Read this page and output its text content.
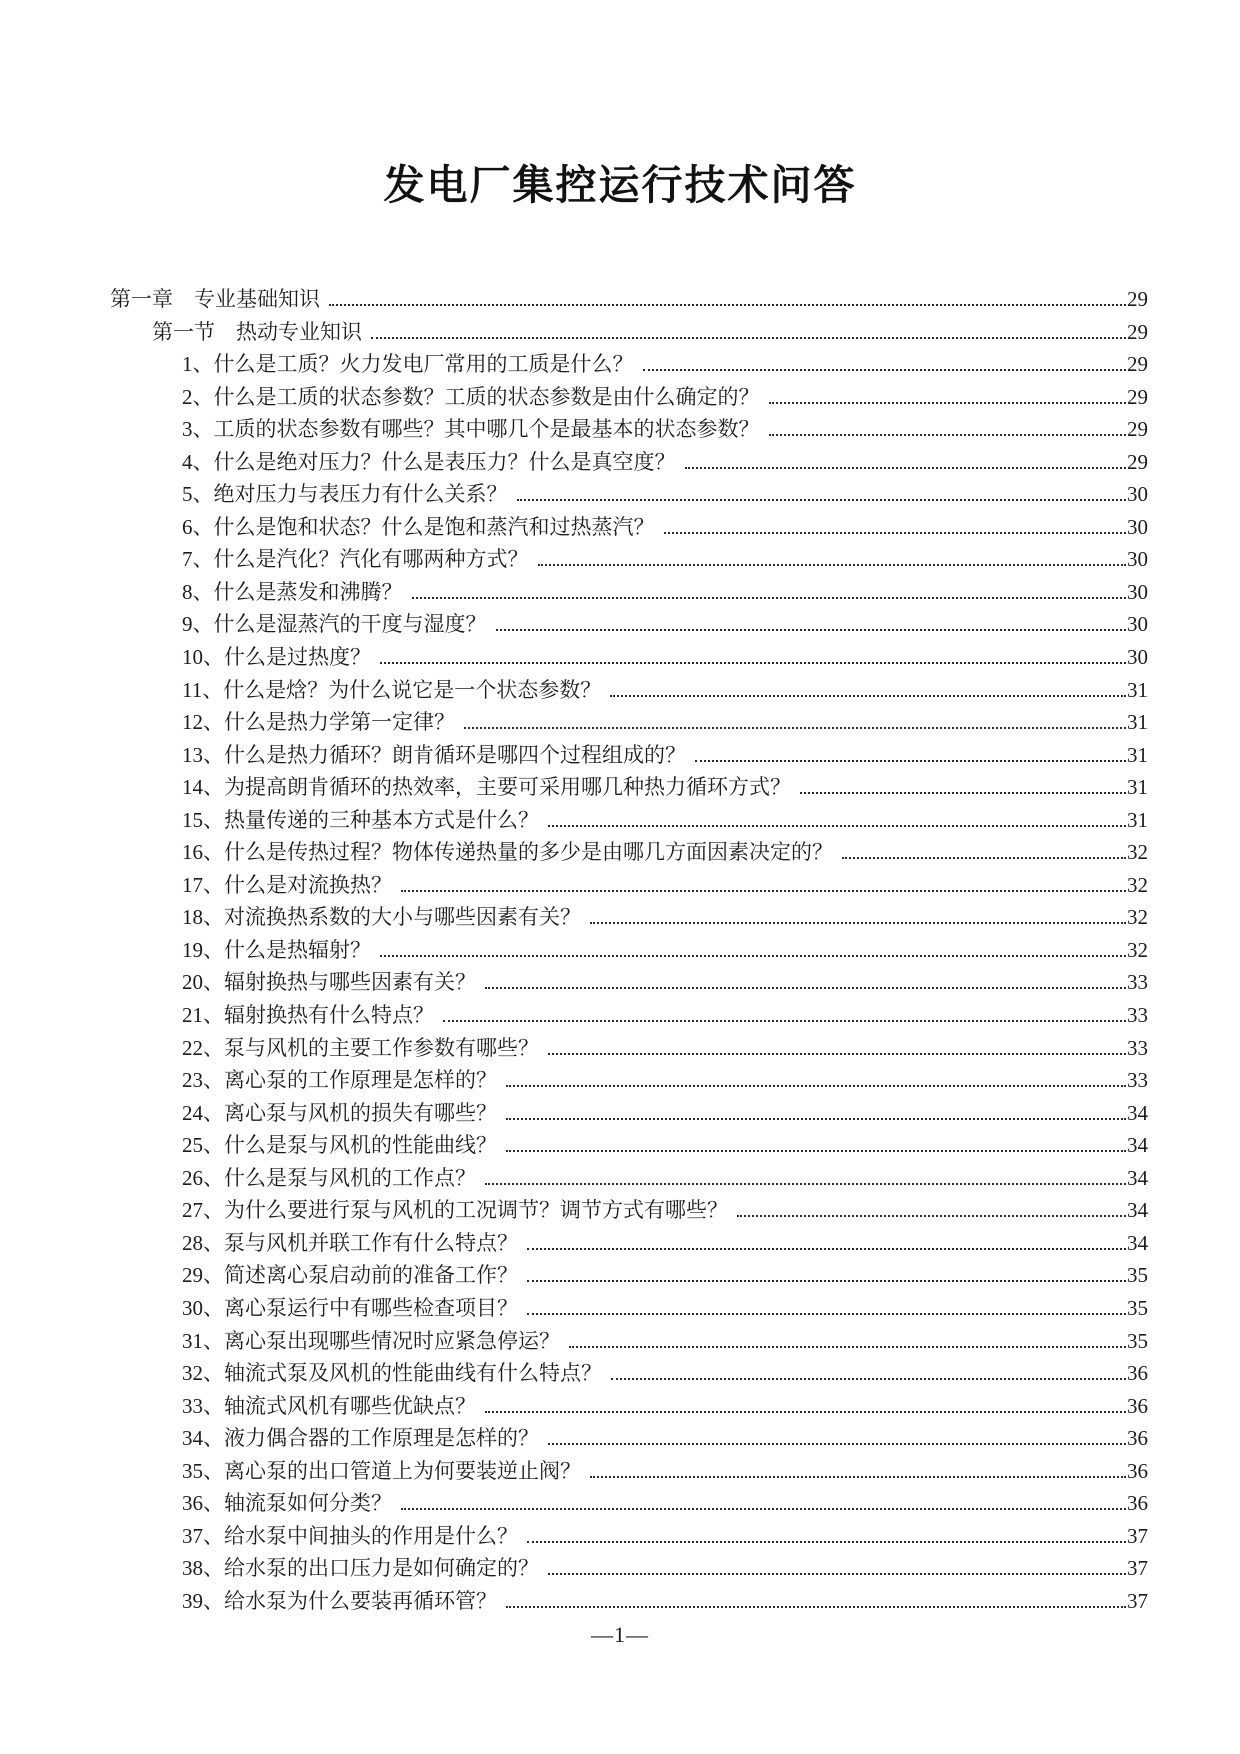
发电厂集控运行技术问答
第一章　专业基础知识	29
第一节　热动专业知识	29
1、什么是工质？火力发电厂常用的工质是什么？	29
2、什么是工质的状态参数？工质的状态参数是由什么确定的？	29
3、工质的状态参数有哪些？其中哪几个是最基本的状态参数？	29
4、什么是绝对压力？什么是表压力？什么是真空度？	29
5、绝对压力与表压力有什么关系？	30
6、什么是饱和状态？什么是饱和蒸汽和过热蒸汽？	30
7、什么是汽化？汽化有哪两种方式？	30
8、什么是蒸发和沸腾？	30
9、什么是湿蒸汽的干度与湿度？	30
10、什么是过热度？	30
11、什么是焓？为什么说它是一个状态参数？	31
12、什么是热力学第一定律？	31
13、什么是热力循环？朗肯循环是哪四个过程组成的？	31
14、为提高朗肯循环的热效率，主要可采用哪几种热力循环方式？	31
15、热量传递的三种基本方式是什么？	31
16、什么是传热过程？物体传递热量的多少是由哪几方面因素决定的？	32
17、什么是对流换热？	32
18、对流换热系数的大小与哪些因素有关？	32
19、什么是热辐射？	32
20、辐射换热与哪些因素有关？	33
21、辐射换热有什么特点？	33
22、泵与风机的主要工作参数有哪些？	33
23、离心泵的工作原理是怎样的？	33
24、离心泵与风机的损失有哪些？	34
25、什么是泵与风机的性能曲线？	34
26、什么是泵与风机的工作点？	34
27、为什么要进行泵与风机的工况调节？调节方式有哪些？	34
28、泵与风机并联工作有什么特点？	34
29、简述离心泵启动前的准备工作？	35
30、离心泵运行中有哪些检查项目？	35
31、离心泵出现哪些情况时应紧急停运？	35
32、轴流式泵及风机的性能曲线有什么特点？	36
33、轴流式风机有哪些优缺点？	36
34、液力偶合器的工作原理是怎样的？	36
35、离心泵的出口管道上为何要装逆止阀？	36
36、轴流泵如何分类？	36
37、给水泵中间抽头的作用是什么？	37
38、给水泵的出口压力是如何确定的？	37
39、给水泵为什么要装再循环管？	37
—1—
